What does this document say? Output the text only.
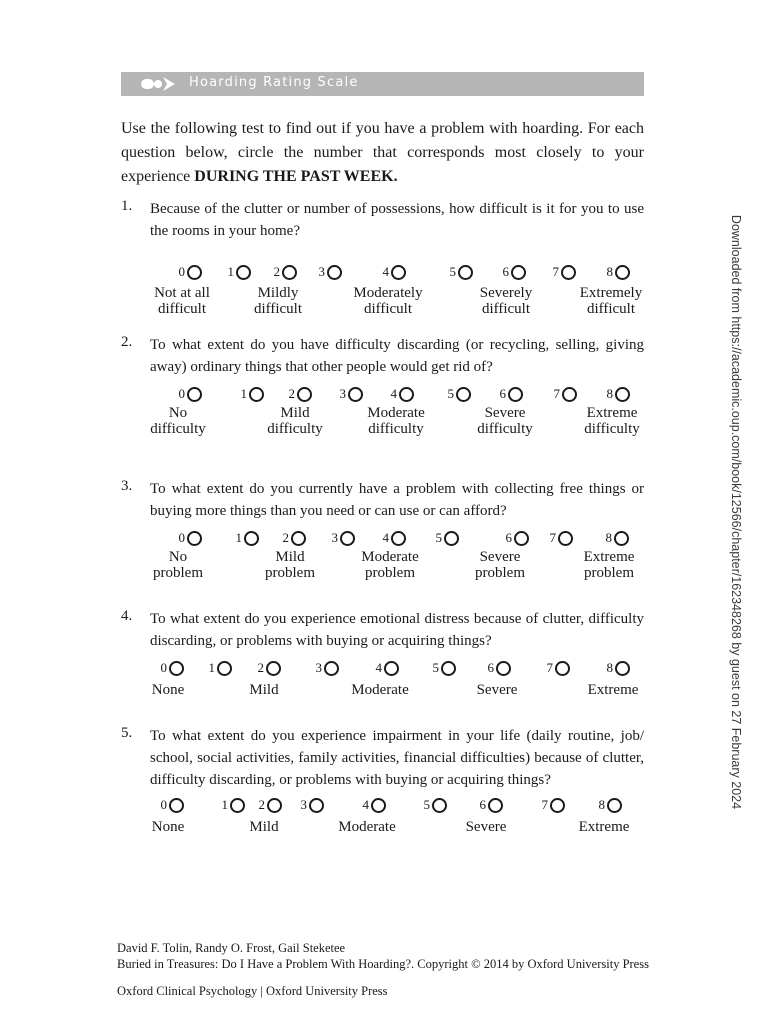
Hoarding Rating Scale
Use the following test to find out if you have a problem with hoarding. For each question below, circle the number that corresponds most closely to your experience DURING THE PAST WEEK.
1. Because of the clutter or number of possessions, how difficult is it for you to use the rooms in your home?
0	1	2	3	4	5	6	7	8
Not at all
difficult
Mildly
difficult
Moderately
difficult
Severely
difficult
Extremely
difficult
2. To what extent do you have difficulty discarding (or recycling, selling, giving away) ordinary things that other people would get rid of?
0	1	2	3	4	5	6	7	8
No
difficulty
Mild
difficulty
Moderate
difficulty
Severe
difficulty
Extreme
difficulty
3. To what extent do you currently have a problem with collecting free things or buying more things than you need or can use or can afford?
0	1	2	3	4	5	6	7	8
No
problem
Mild
problem
Moderate
problem
Severe
problem
Extreme
problem
4. To what extent do you experience emotional distress because of clutter, difficulty discarding, or problems with buying or acquiring things?
0	1	2	3	4	5	6	7	8
None	Mild	Moderate	Severe	Extreme
5. To what extent do you experience impairment in your life (daily routine, job/ school, social activities, family activities, financial difficulties) because of clutter, difficulty discarding, or problems with buying or acquiring things?
0	1	2	3	4	5	6	7	8
None	Mild	Moderate	Severe	Extreme
David F. Tolin, Randy O. Frost, Gail Steketee
Buried in Treasures: Do I Have a Problem With Hoarding?. Copyright © 2014 by Oxford University Press
Oxford Clinical Psychology | Oxford University Press
Downloaded from https://academic.oup.com/book/12566/chapter/162348268 by guest on 27 February 2024
